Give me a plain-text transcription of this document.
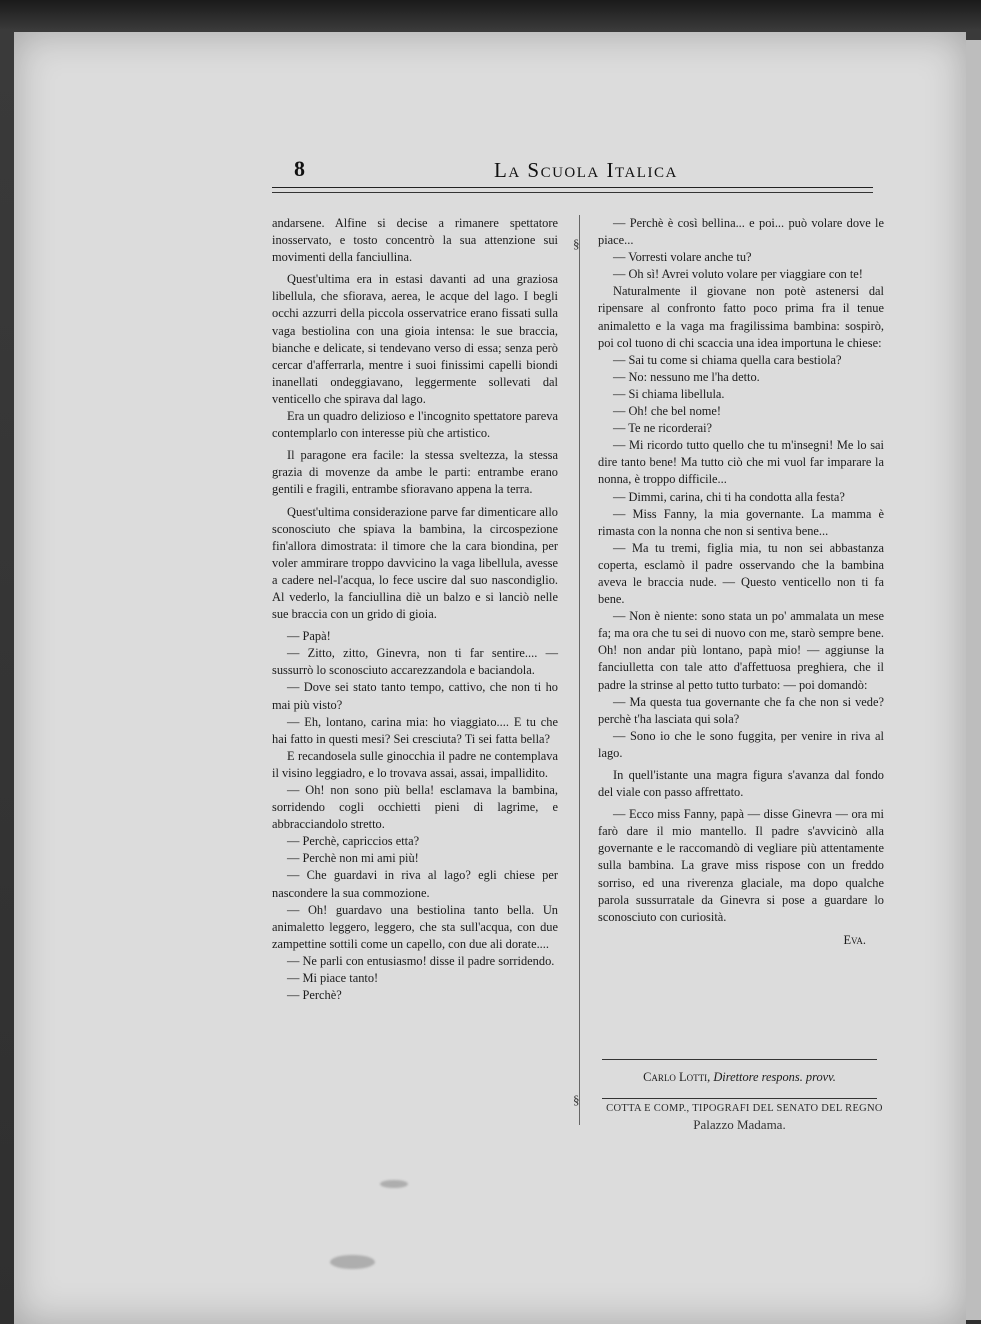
8	La Scuola Italica

andarsene. Alfine si decise a rimanere spettatore inosservato, e tosto concentrò la sua attenzione sui movimenti della fanciullina.

Quest'ultima era in estasi davanti ad una graziosa libellula, che sfiorava, aerea, le acque del lago. I begli occhi azzurri della piccola osservatrice erano fissati sulla vaga bestiolina con una gioia intensa: le sue braccia, bianche e delicate, si tendevano verso di essa; senza però cercar d'afferrarla, mentre i suoi finissimi capelli biondi inanellati ondeggiavano, leggermente sollevati dal venticello che spirava dal lago.

Era un quadro delizioso e l'incognito spettatore pareva contemplarlo con interesse più che artistico.

Il paragone era facile: la stessa sveltezza, la stessa grazia di movenze da ambe le parti: entrambe erano gentili e fragili, entrambe sfioravano appena la terra.

Quest'ultima considerazione parve far dimenticare allo sconosciuto che spiava la bambina, la circospezione fin'allora dimostrata: il timore che la cara biondina, per voler ammirare troppo davvicino la vaga libellula, avesse a cadere nel-l'acqua, lo fece uscire dal suo nascondiglio. Al vederlo, la fanciullina diè un balzo e si lanciò nelle sue braccia con un grido di gioia.

— Papà!

— Zitto, zitto, Ginevra, non ti far sentire.... — sussurrò lo sconosciuto accarezzandola e baciandola.

— Dove sei stato tanto tempo, cattivo, che non ti ho mai più visto?

— Eh, lontano, carina mia: ho viaggiato.... E tu che hai fatto in questi mesi? Sei cresciuta? Ti sei fatta bella?

E recandosela sulle ginocchia il padre ne contemplava il visino leggiadro, e lo trovava assai, assai, impallidito.

— Oh! non sono più bella! esclamava la bambina, sorridendo cogli occhietti pieni di lagrime, e abbracciandolo stretto.

— Perchè, capriccios etta?

— Perchè non mi ami più!

— Che guardavi in riva al lago? egli chiese per nascondere la sua commozione.

— Oh! guardavo una bestiolina tanto bella. Un animaletto leggero, leggero, che sta sull'acqua, con due zampettine sottili come un capello, con due ali dorate....

— Ne parli con entusiasmo! disse il padre sorridendo.

— Mi piace tanto!

— Perchè?

§
§

— Perchè è così bellina... e poi... può volare dove le piace...

— Vorresti volare anche tu?

— Oh sì! Avrei voluto volare per viaggiare con te!

Naturalmente il giovane non potè astenersi dal ripensare al confronto fatto poco prima fra il tenue animaletto e la vaga ma fragilissima bambina: sospirò, poi col tuono di chi scaccia una idea importuna le chiese:

— Sai tu come si chiama quella cara bestiola?

— No: nessuno me l'ha detto.

— Si chiama libellula.

— Oh! che bel nome!

— Te ne ricorderai?

— Mi ricordo tutto quello che tu m'insegni! Me lo sai dire tanto bene! Ma tutto ciò che mi vuol far imparare la nonna, è troppo difficile...

— Dimmi, carina, chi ti ha condotta alla festa?

— Miss Fanny, la mia governante. La mamma è rimasta con la nonna che non si sentiva bene...

— Ma tu tremi, figlia mia, tu non sei abbastanza coperta, esclamò il padre osservando che la bambina aveva le braccia nude. — Questo venticello non ti fa bene.

— Non è niente: sono stata un po' ammalata un mese fa; ma ora che tu sei di nuovo con me, starò sempre bene. Oh! non andar più lontano, papà mio! — aggiunse la fanciulletta con tale atto d'affettuosa preghiera, che il padre la strinse al petto tutto turbato: — poi domandò:

— Ma questa tua governante che fa che non si vede? perchè t'ha lasciata qui sola?

— Sono io che le sono fuggita, per venire in riva al lago.

In quell'istante una magra figura s'avanza dal fondo del viale con passo affrettato.

— Ecco miss Fanny, papà — disse Ginevra — ora mi farò dare il mio mantello. Il padre s'avvicinò alla governante e le raccomandò di vegliare più attentamente sulla bambina. La grave miss rispose con un freddo sorriso, ed una riverenza glaciale, ma dopo qualche parola sussurratale da Ginevra si pose a guardare lo sconosciuto con curiosità.

Eva.
Carlo Lotti, Direttore respons. provv.
COTTA E COMP., TIPOGRAFI DEL SENATO DEL REGNO
Palazzo Madama.
